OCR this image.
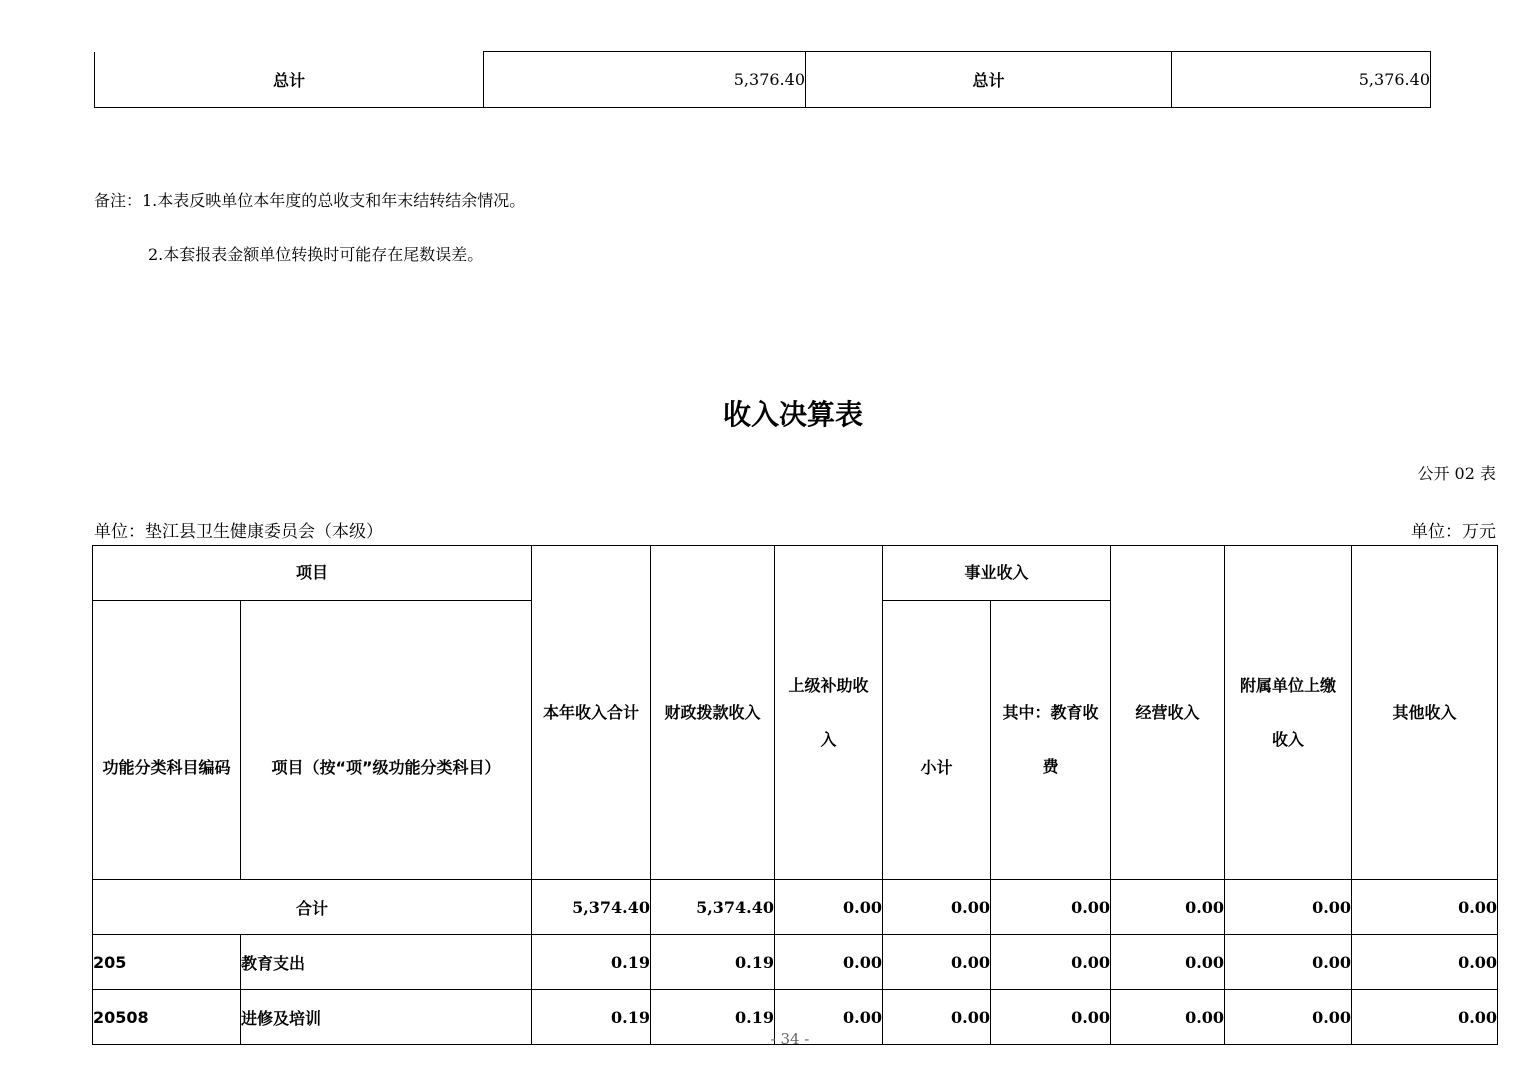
总计	5,376.40	总计	5,376.40
备注：1.本表反映单位本年度的总收支和年末结转结余情况。
2.本套报表金额单位转换时可能存在尾数误差。
收入决算表
公开 02 表
单位：垫江县卫生健康委员会（本级）	单位：万元
项目		本年收入合计	财政拨款收入	上级补助收入	事业收入		经营收入	附属单位上缴收入	其他收入
功能分类科目编码	项目（按“项”级功能分类科目）				小计	其中：教育收费			
合计		5,374.40	5,374.40	0.00	0.00	0.00	0.00	0.00	0.00
205	教育支出	0.19	0.19	0.00	0.00	0.00	0.00	0.00	0.00
20508	进修及培训	0.19	0.19	0.00	0.00	0.00	0.00	0.00	0.00
- 34 -
